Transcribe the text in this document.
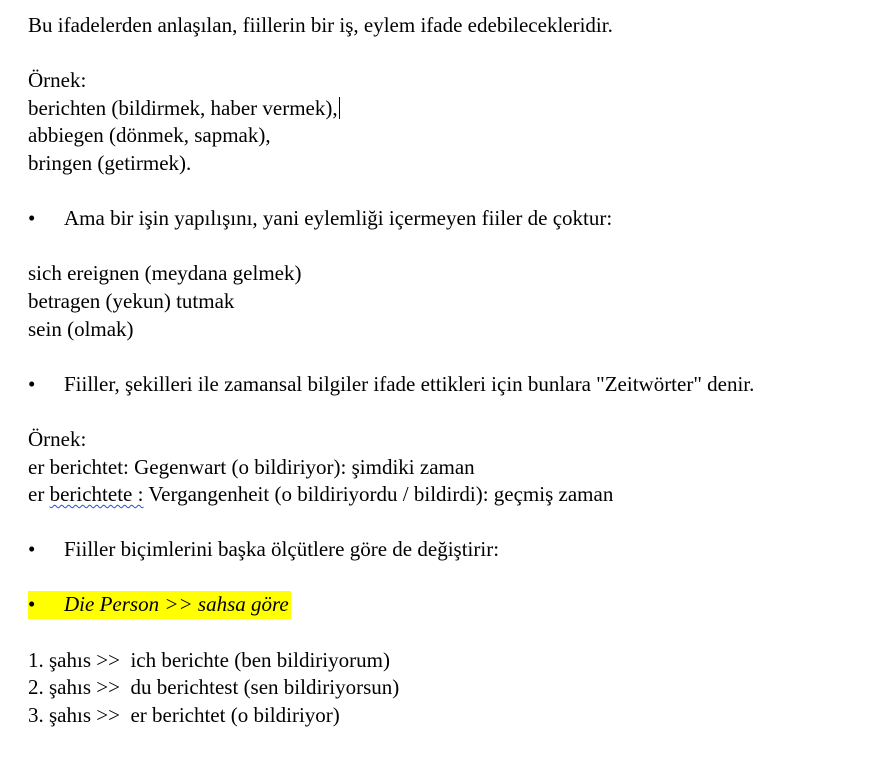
Bu ifadelerden anlaşılan, fiillerin bir iş, eylem ifade edebilecekleridir.
Örnek:
berichten (bildirmek, haber vermek),
abbiegen (dönmek, sapmak),
bringen (getirmek).
• Ama bir işin yapılışını, yani eylemliği içermeyen fiiler de çoktur:
sich ereignen (meydana gelmek)
betragen (yekun) tutmak
sein (olmak)
• Fiiller, şekilleri ile zamansal bilgiler ifade ettikleri için bunlara "Zeitwörter" denir.
Örnek:
er berichtet: Gegenwart (o bildiriyor): şimdiki zaman
er berichtete : Vergangenheit (o bildiriyordu / bildirdi): geçmiş zaman
• Fiiller biçimlerini başka ölçütlere göre de değiştirir:
• Die Person >> sahsa göre
1. şahıs >> ich berichte (ben bildiriyorum)
2. şahıs >> du berichtest (sen bildiriyorsun)
3. şahıs >> er berichtet (o bildiriyor)
